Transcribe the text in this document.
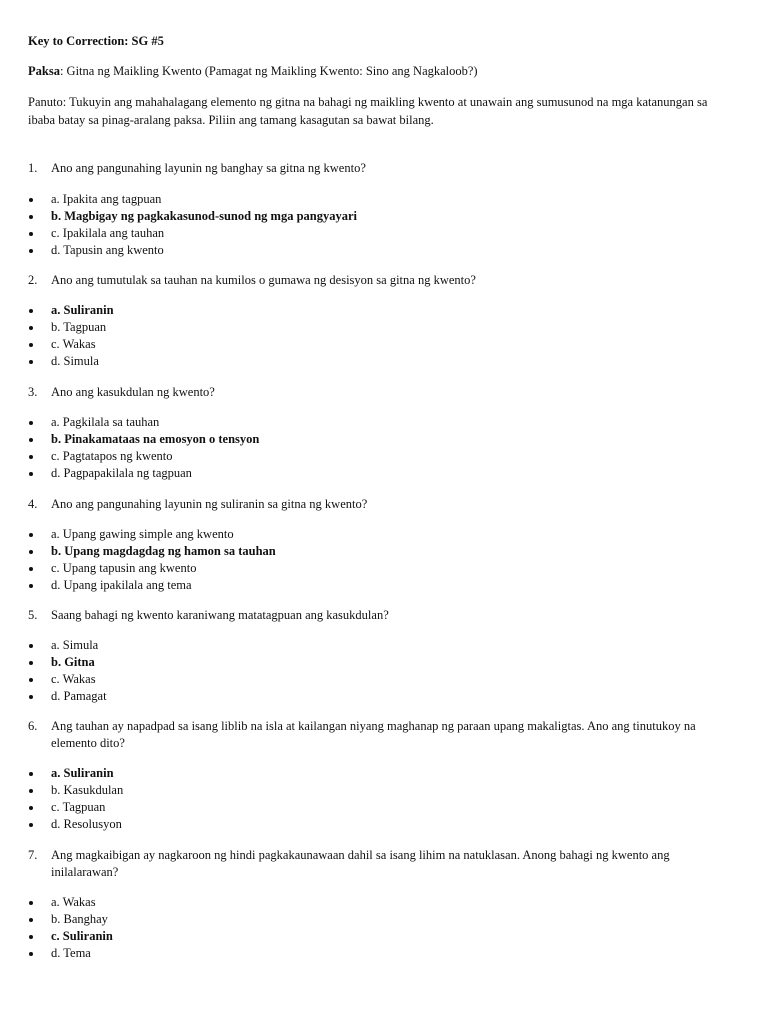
Key to Correction: SG #5
Paksa: Gitna ng Maikling Kwento (Pamagat ng Maikling Kwento: Sino ang Nagkaloob?)
Panuto: Tukuyin ang mahahalagang elemento ng gitna na bahagi ng maikling kwento at unawain ang sumusunod na mga katanungan sa ibaba batay sa pinag-aralang paksa. Piliin ang tamang kasagutan sa bawat bilang.
1. Ano ang pangunahing layunin ng banghay sa gitna ng kwento?
a. Ipakita ang tagpuan
b. Magbigay ng pagkakasunod-sunod ng mga pangyayari
c. Ipakilala ang tauhan
d. Tapusin ang kwento
2. Ano ang tumutulak sa tauhan na kumilos o gumawa ng desisyon sa gitna ng kwento?
a. Suliranin
b. Tagpuan
c. Wakas
d. Simula
3. Ano ang kasukdulan ng kwento?
a. Pagkilala sa tauhan
b. Pinakamataas na emosyon o tensyon
c. Pagtatapos ng kwento
d. Pagpapakilala ng tagpuan
4. Ano ang pangunahing layunin ng suliranin sa gitna ng kwento?
a. Upang gawing simple ang kwento
b. Upang magdagdag ng hamon sa tauhan
c. Upang tapusin ang kwento
d. Upang ipakilala ang tema
5. Saang bahagi ng kwento karaniwang matatagpuan ang kasukdulan?
a. Simula
b. Gitna
c. Wakas
d. Pamagat
6. Ang tauhan ay napadpad sa isang liblib na isla at kailangan niyang maghanap ng paraan upang makaligtas. Ano ang tinutukoy na elemento dito?
a. Suliranin
b. Kasukdulan
c. Tagpuan
d. Resolusyon
7. Ang magkaibigan ay nagkaroon ng hindi pagkakaunawaan dahil sa isang lihim na natuklasan. Anong bahagi ng kwento ang inilalarawan?
a. Wakas
b. Banghay
c. Suliranin
d. Tema
